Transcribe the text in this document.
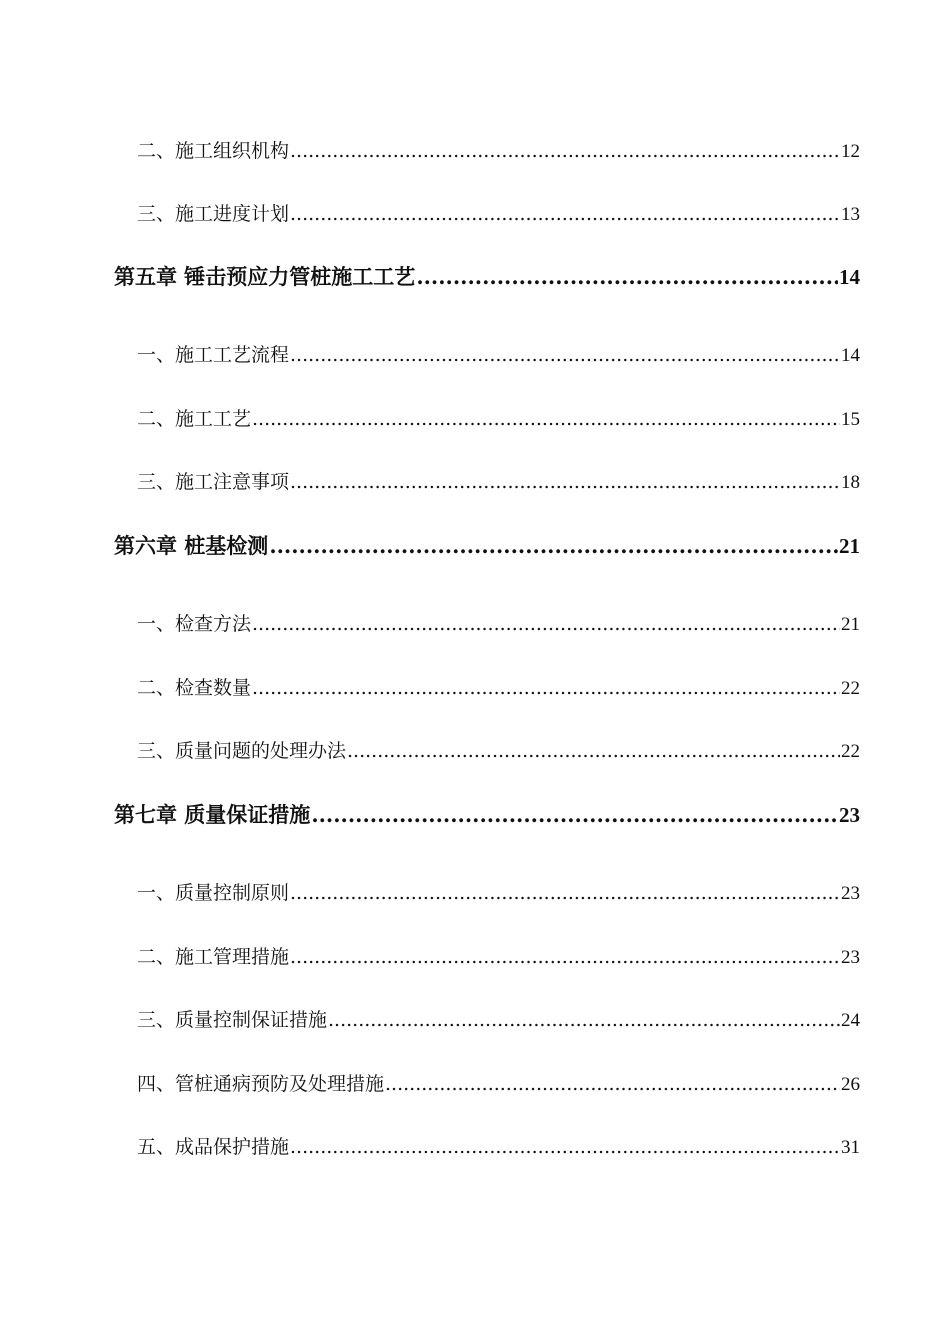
二、施工组织机构 .....	12
三、施工进度计划 .....	13
第五章 锤击预应力管桩施工工艺 .....	14
一、施工工艺流程 .....	14
二、施工工艺 .....	15
三、施工注意事项 .....	18
第六章 桩基检测 .....	21
一、检查方法 .....	21
二、检查数量 .....	22
三、质量问题的处理办法 .....	22
第七章 质量保证措施 .....	23
一、质量控制原则 .....	23
二、施工管理措施 .....	23
三、质量控制保证措施 .....	24
四、管桩通病预防及处理措施 .....	26
五、成品保护措施 .....	31
